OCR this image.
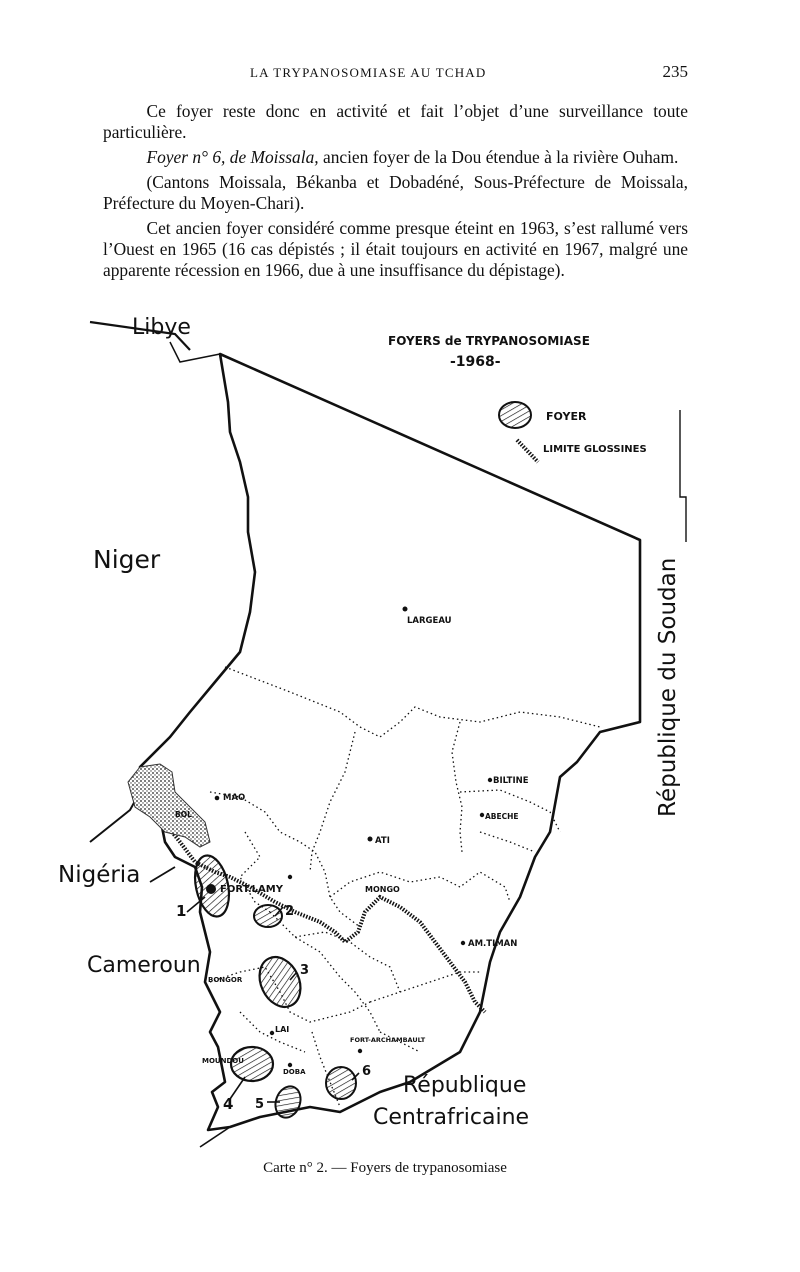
LA TRYPANOSOMIASE AU TCHAD	235

   Ce foyer reste donc en activité et fait l’objet d’une surveillance toute particulière.

   Foyer n° 6, de Moissala, ancien foyer de la Dou étendue à la rivière Ouham.

   (Cantons Moissala, Békanba et Dobadéné, Sous-Préfecture de Moissala, Préfecture du Moyen-Chari).

   Cet ancien foyer considéré comme presque éteint en 1963, s’est rallumé vers l’Ouest en 1965 (16 cas dépistés ; il était toujours en activité en 1967, malgré une apparente récession en 1966, due à une insuffisance du dépistage).

FOYERS de TRYPANOSOMIASE
-1968-
FOYER
LIMITE GLOSSINES
Libye
Niger
Nigéria
Cameroun
République du Soudan
République
Centrafricaine
LARGEAU
MAO
BOL
ATI
BILTINE
ABECHE
FORT.LAMY	MONGO
AM.TIMAN
BONGOR
LAI
FORT-ARCHAMBAULT
MOUNDOU
DOBA
1	2
3
4 5
6
Carte n° 2. — Foyers de trypanosomiase
